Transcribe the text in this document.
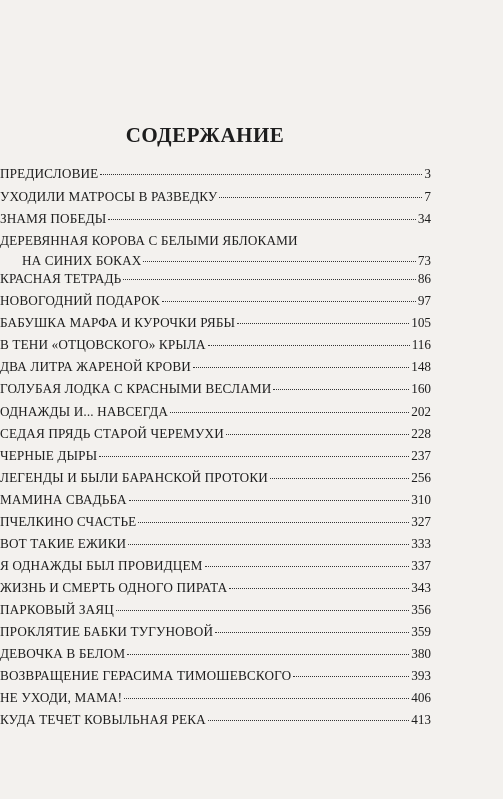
СОДЕРЖАНИЕ
ПРЕДИСЛОВИЕ	3
УХОДИЛИ МАТРОСЫ В РАЗВЕДКУ	7
ЗНАМЯ ПОБЕДЫ	34
ДЕРЕВЯННАЯ КОРОВА С БЕЛЫМИ ЯБЛОКАМИ
НА СИНИХ БОКАХ	73
КРАСНАЯ ТЕТРАДЬ	86
НОВОГОДНИЙ ПОДАРОК	97
БАБУШКА МАРФА И КУРОЧКИ РЯБЫ	105
В ТЕНИ «ОТЦОВСКОГО» КРЫЛА	116
ДВА ЛИТРА ЖАРЕНОЙ КРОВИ	148
ГОЛУБАЯ ЛОДКА С КРАСНЫМИ ВЕСЛАМИ	160
ОДНАЖДЫ И... НАВСЕГДА	202
СЕДАЯ ПРЯДЬ СТАРОЙ ЧЕРЕМУХИ	228
ЧЕРНЫЕ ДЫРЫ	237
ЛЕГЕНДЫ И БЫЛИ БАРАНСКОЙ ПРОТОКИ	256
МАМИНА СВАДЬБА	310
ПЧЕЛКИНО СЧАСТЬЕ	327
ВОТ ТАКИЕ ЕЖИКИ	333
Я ОДНАЖДЫ БЫЛ ПРОВИДЦЕМ	337
ЖИЗНЬ И СМЕРТЬ ОДНОГО ПИРАТА	343
ПАРКОВЫЙ ЗАЯЦ	356
ПРОКЛЯТИЕ БАБКИ ТУГУНОВОЙ	359
ДЕВОЧКА В БЕЛОМ	380
ВОЗВРАЩЕНИЕ ГЕРАСИМА ТИМОШЕВСКОГО	393
НЕ УХОДИ, МАМА!	406
КУДА ТЕЧЕТ КОВЫЛЬНАЯ РЕКА	413
